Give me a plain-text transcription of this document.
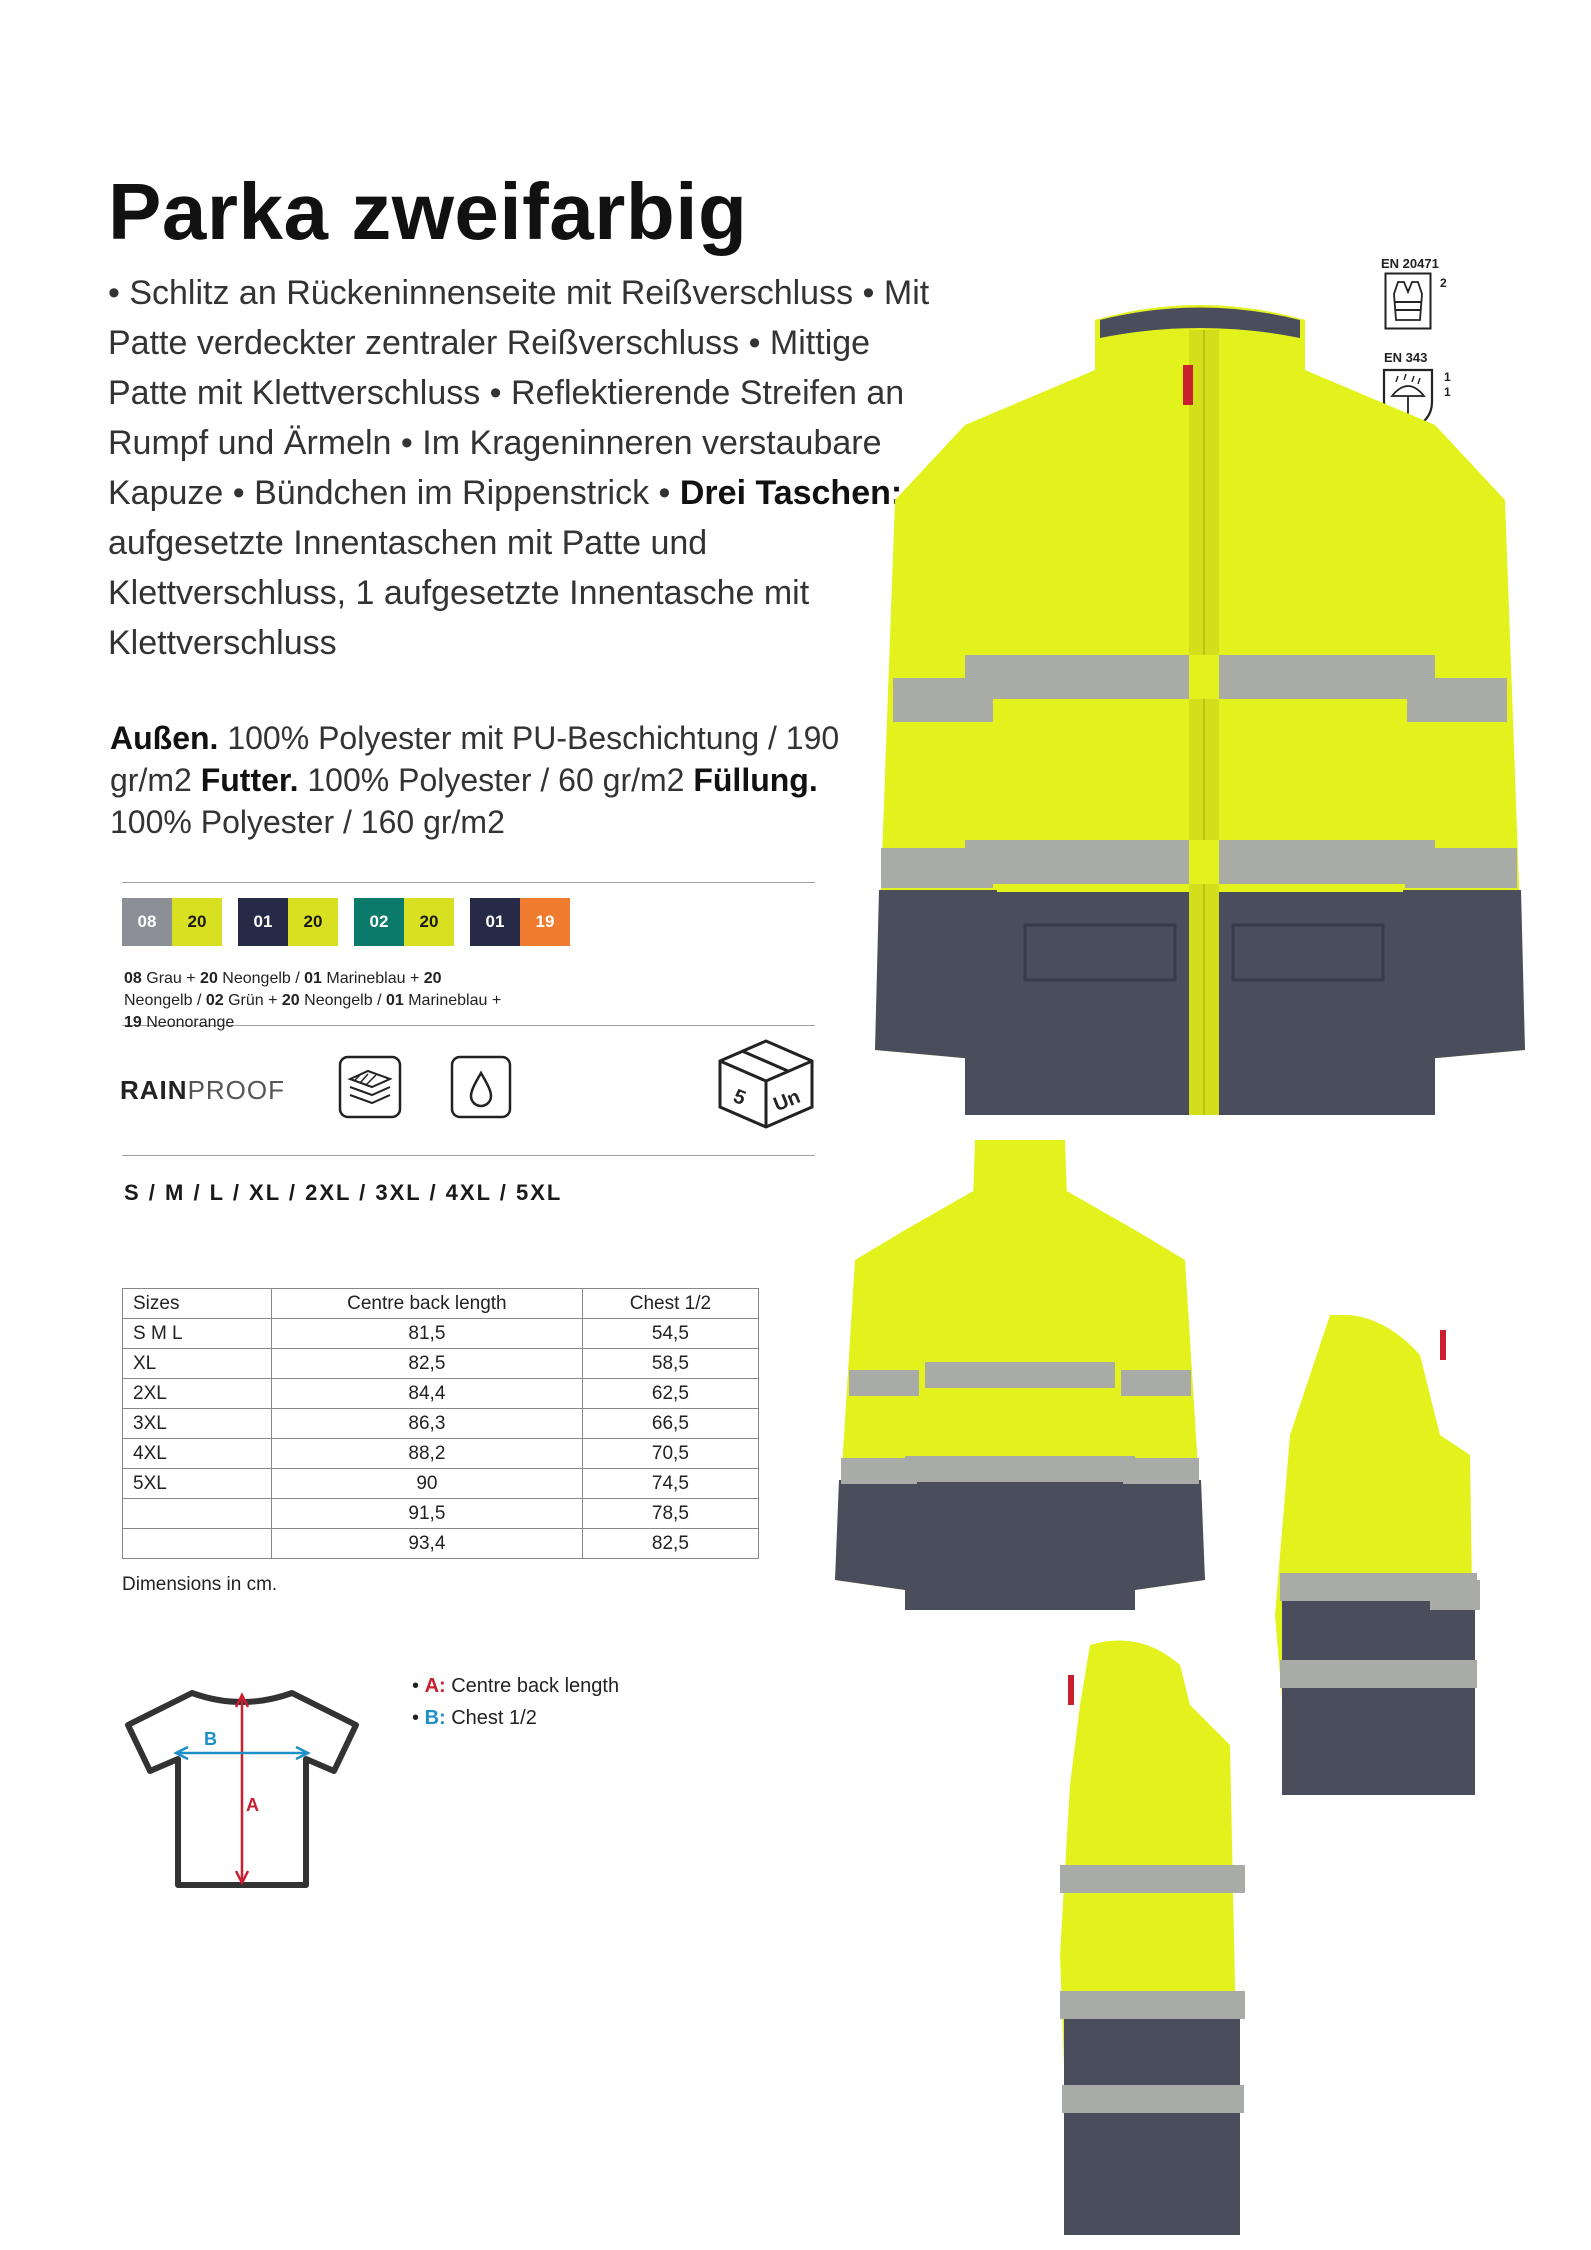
Parka zweifarbig
• Schlitz an Rückeninnenseite mit Reißverschluss • Mit Patte verdeckter zentraler Reißverschluss • Mittige Patte mit Klettverschluss • Reflektierende Streifen an Rumpf und Ärmeln • Im Krageninneren verstaubare Kapuze • Bündchen im Rippenstrick • Drei Taschen: aufgesetzte Innentaschen mit Patte und Klettverschluss, 1 aufgesetzte Innentasche mit Klettverschluss
Außen. 100% Polyester mit PU-Beschichtung / 190 gr/m2 Futter. 100% Polyester / 60 gr/m2 Füllung. 100% Polyester / 160 gr/m2
08	20	01	20	02	20	01	19
08 Grau + 20 Neongelb / 01 Marineblau + 20 Neongelb / 02 Grün + 20 Neongelb / 01 Marineblau + 19 Neonorange
RAINPROOF	5 Un
S / M / L / XL / 2XL / 3XL / 4XL / 5XL
Sizes	Centre back length	Chest 1/2
S M L	81,5	54,5
XL	82,5	58,5
2XL	84,4	62,5
3XL	86,3	66,5
4XL	88,2	70,5
5XL	90	74,5
	91,5	78,5
	93,4	82,5
Dimensions in cm.
B
A
• A: Centre back length
• B: Chest 1/2
EN 20471
2
EN 343
1
1
